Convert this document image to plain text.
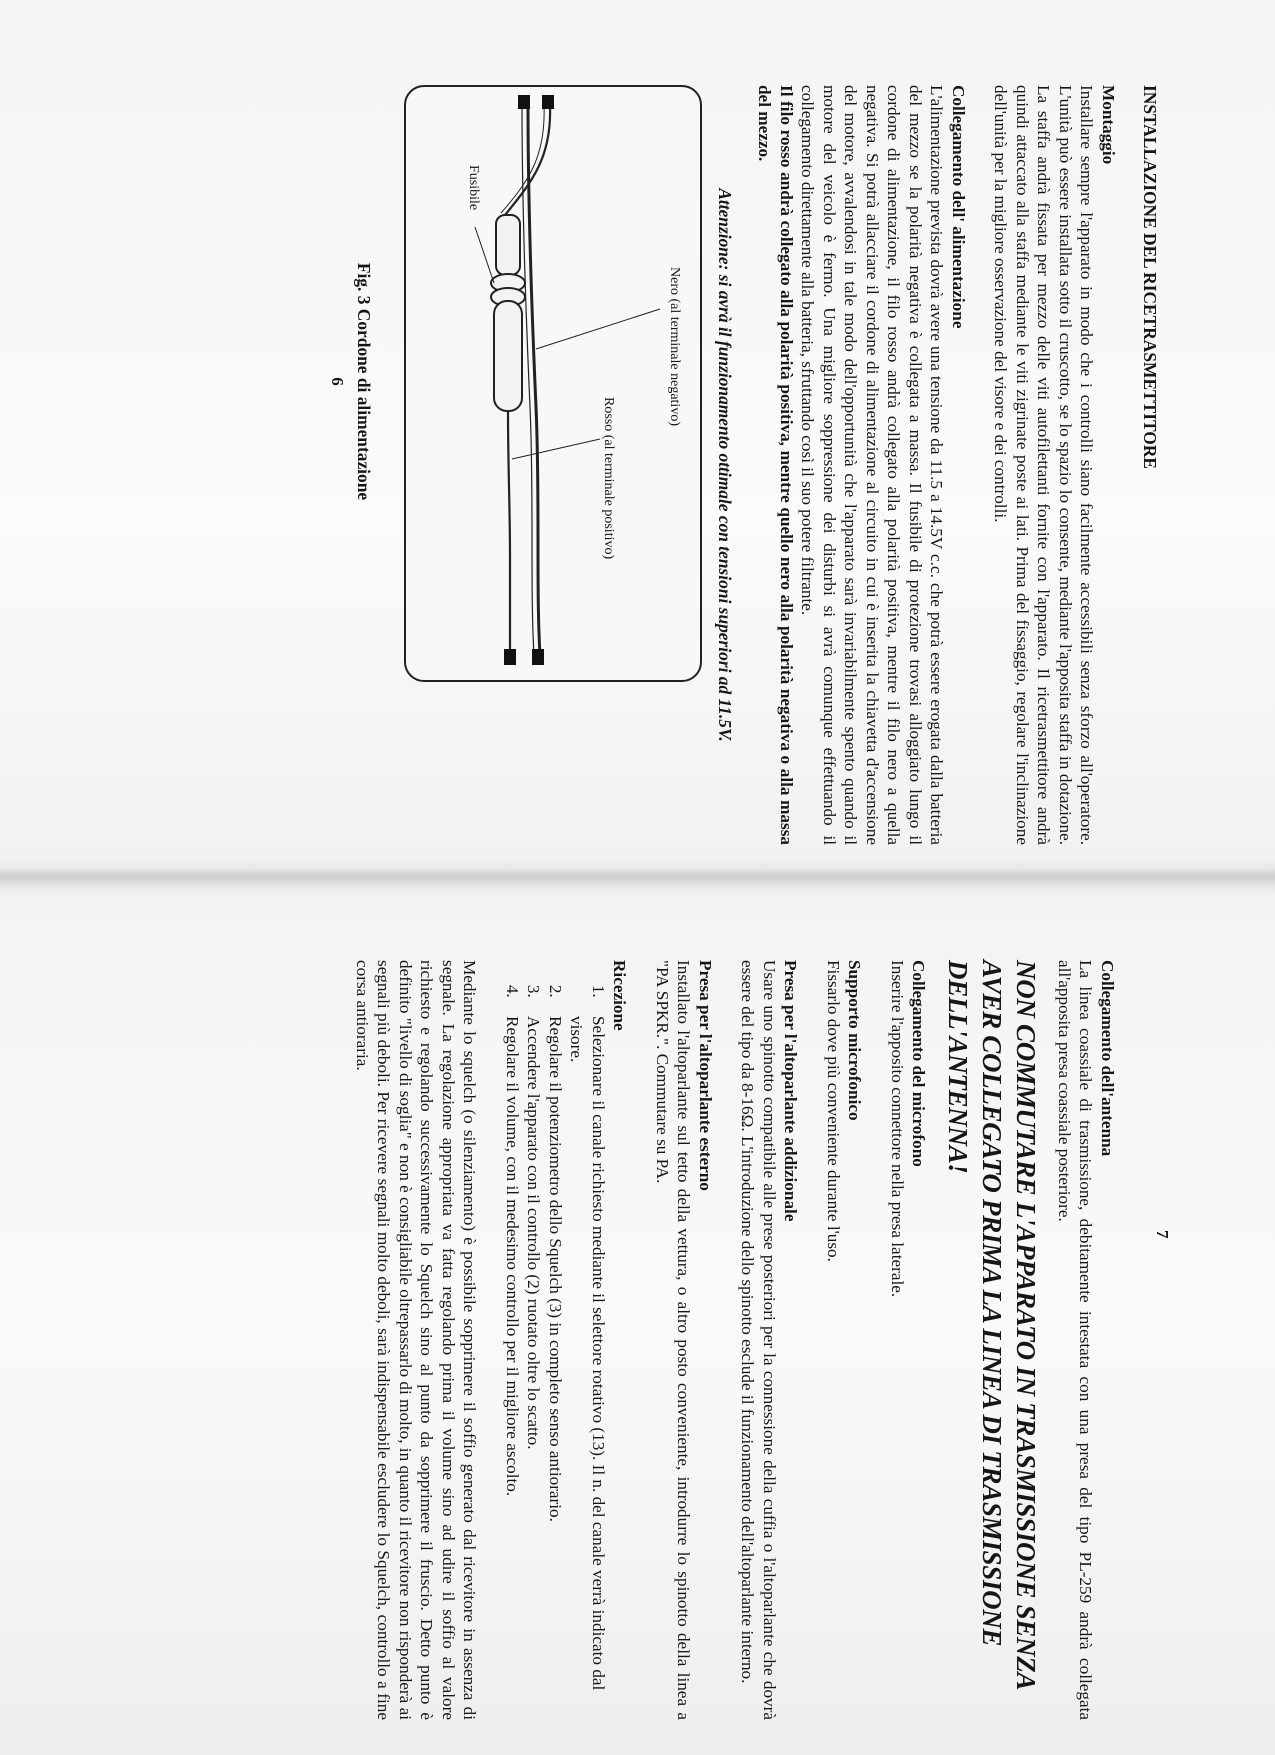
INSTALLAZIONE DEL RICETRASMETTITORE

Montaggio

Installare sempre l'apparato in modo che i controlli siano facilmente accessibili senza sforzo all'operatore. L'unità può essere installata sotto il cruscotto, se lo spazio lo consente, mediante l'apposita staffa in dotazione. La staffa andrà fissata per mezzo delle viti autofilettanti fornite con l'apparato. Il ricetrasmettitore andrà quindi attaccato alla staffa mediante le viti zigrinate poste ai lati. Prima del fissaggio, regolare l'inclinazione dell'unità per la migliore osservazione del visore e dei controlli.

Collegamento dell' alimentazione

L'alimentazione prevista dovrà avere una tensione da 11.5 a 14.5V c.c. che potrà essere erogata dalla batteria del mezzo se la polarità negativa è collegata a massa. Il fusibile di protezione trovasi alloggiato lungo il cordone di alimentazione, il filo rosso andrà collegato alla polarità positiva, mentre il filo nero a quella negativa. Si potrà allacciare il cordone di alimentazione al circuito in cui è inserita la chiavetta d'accensione del motore, avvalendosi in tale modo dell'opportunità che l'apparato sarà invariabilmente spento quando il motore del veicolo è fermo. Una migliore soppressione dei disturbi si avrà comunque effettuando il collegamento direttamente alla batteria, sfruttando così il suo potere filtrante.

Il filo rosso andrà collegato alla polarità positiva, mentre quello nero alla polarità negativa o alla massa del mezzo.

Attenzione: si avrà il funzionamento ottimale con tensioni superiori ad 11.5V.

Nero (al terminale negativo)
Rosso (al terminale positivo)
Fusibile

Fig. 3 Cordone di alimentazione

6

7

Collegamento dell'antenna

La linea coassiale di trasmissione, debitamente intestata con una presa del tipo PL-259 andrà collegata all'apposita presa coassiale posteriore.

NON COMMUTARE L'APPARATO IN TRASMISSIONE SENZA AVER COLLEGATO PRIMA LA LINEA DI TRASMISSIONE DELL'ANTENNA!

Collegamento del microfono

Inserire l'apposito connettore nella presa laterale.

Supporto microfonico

Fissarlo dove più conveniente durante l'uso.

Presa per l'altoparlante addizionale

Usare uno spinotto compatibile alle prese posteriori per la connessione della cuffia o l'altoparlante che dovrà essere del tipo da 8-16Ω. L'introduzione dello spinotto esclude il funzionamento dell'altoparlante interno.

Presa per l'altoparlante esterno

Installato l'altoparlante sul tetto della vettura, o altro posto conveniente, introdurre lo spinotto della linea a "PA SPKR.". Commutare su PA.

Ricezione

1. Selezionare il canale richiesto mediante il selettore rotativo (13). Il n. del canale verrà indicato dal visore.
2. Regolare il potenziometro dello Squelch (3) in completo senso antiorario.
3. Accendere l'apparato con il controllo (2) ruotato oltre lo scatto.
4. Regolare il volume, con il medesimo controllo per il migliore ascolto.

Mediante lo squelch (o silenziamento) è possibile sopprimere il soffio generato dal ricevitore in assenza di segnale. La regolazione appropriata va fatta regolando prima il volume sino ad udire il soffio al valore richiesto e regolando successivamente lo Squelch sino al punto da sopprimere il fruscio. Detto punto è definito "livello di soglia" e non è consigliabile oltrepassarlo di molto, in quanto il ricevitore non risponderà ai segnali più deboli. Per ricevere segnali molto deboli, sarà indispensabile escludere lo Squelch, controllo a fine corsa antioraria.
